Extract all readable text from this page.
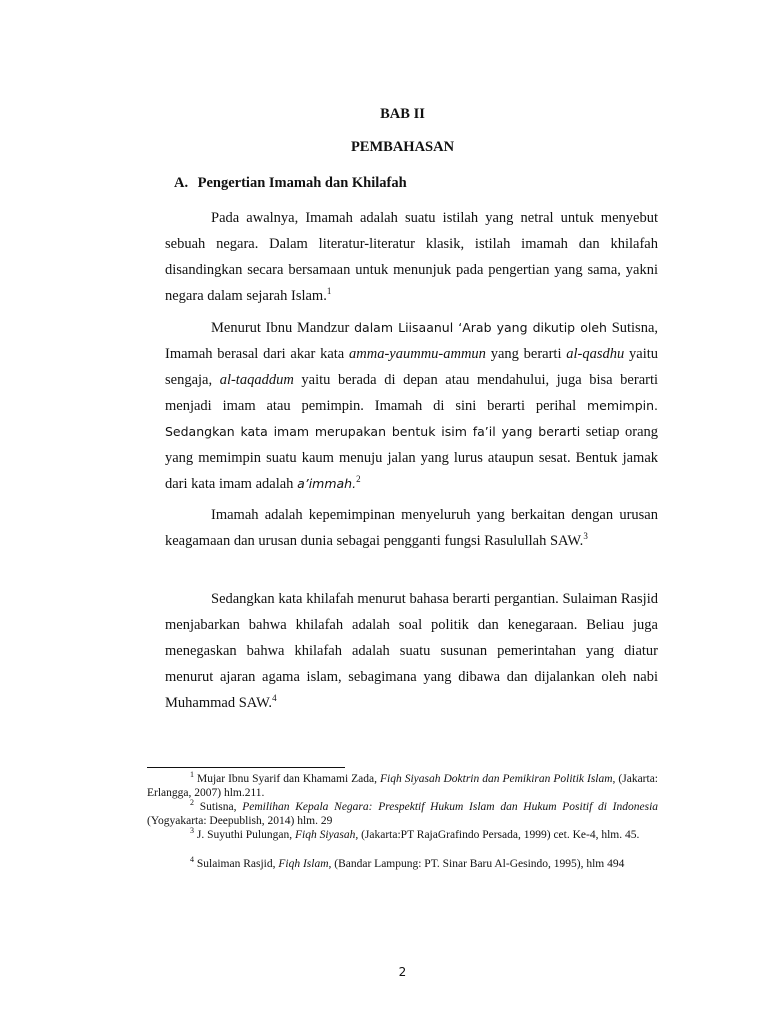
BAB II
PEMBAHASAN
A. Pengertian Imamah dan Khilafah

Pada awalnya, Imamah adalah suatu istilah yang netral untuk menyebut sebuah negara. Dalam literatur-literatur klasik, istilah imamah dan khilafah disandingkan secara bersamaan untuk menunjuk pada pengertian yang sama, yakni negara dalam sejarah Islam.$^1$

Menurut Ibnu Mandzur dalam Liisaanul ‘Arab yang dikutip oleh Sutisna, Imamah berasal dari akar kata amma-yaummu-ammun yang berarti al-qasdhu yaitu sengaja, al-taqaddum yaitu berada di depan atau mendahului, juga bisa berarti menjadi imam atau pemimpin. Imamah di sini berarti perihal memimpin. Sedangkan kata imam merupakan bentuk isim fa’il yang berarti setiap orang yang memimpin suatu kaum menuju jalan yang lurus ataupun sesat. Bentuk jamak dari kata imam adalah a’immah.$^2$

Imamah adalah kepemimpinan menyeluruh yang berkaitan dengan urusan keagamaan dan urusan dunia sebagai pengganti fungsi Rasulullah SAW.$^3$

Sedangkan kata khilafah menurut bahasa berarti pergantian. Sulaiman Rasjid menjabarkan bahwa khilafah adalah soal politik dan kenegaraan. Beliau juga menegaskan bahwa khilafah adalah suatu susunan pemerintahan yang diatur menurut ajaran agama islam, sebagimana yang dibawa dan dijalankan oleh nabi Muhammad SAW.$^4$

$^1$ Mujar Ibnu Syarif dan Khamami Zada, Fiqh Siyasah Doktrin dan Pemikiran Politik Islam, (Jakarta: Erlangga, 2007) hlm.211.

$^2$ Sutisna, Pemilihan Kepala Negara: Prespektif Hukum Islam dan Hukum Positif di Indonesia (Yogyakarta: Deepublish, 2014) hlm. 29

$^3$ J. Suyuthi Pulungan, Fiqh Siyasah, (Jakarta:PT RajaGrafindo Persada, 1999) cet. Ke-4, hlm. 45.

$^4$ Sulaiman Rasjid, Fiqh Islam, (Bandar Lampung: PT. Sinar Baru Al-Gesindo, 1995), hlm 494

2
